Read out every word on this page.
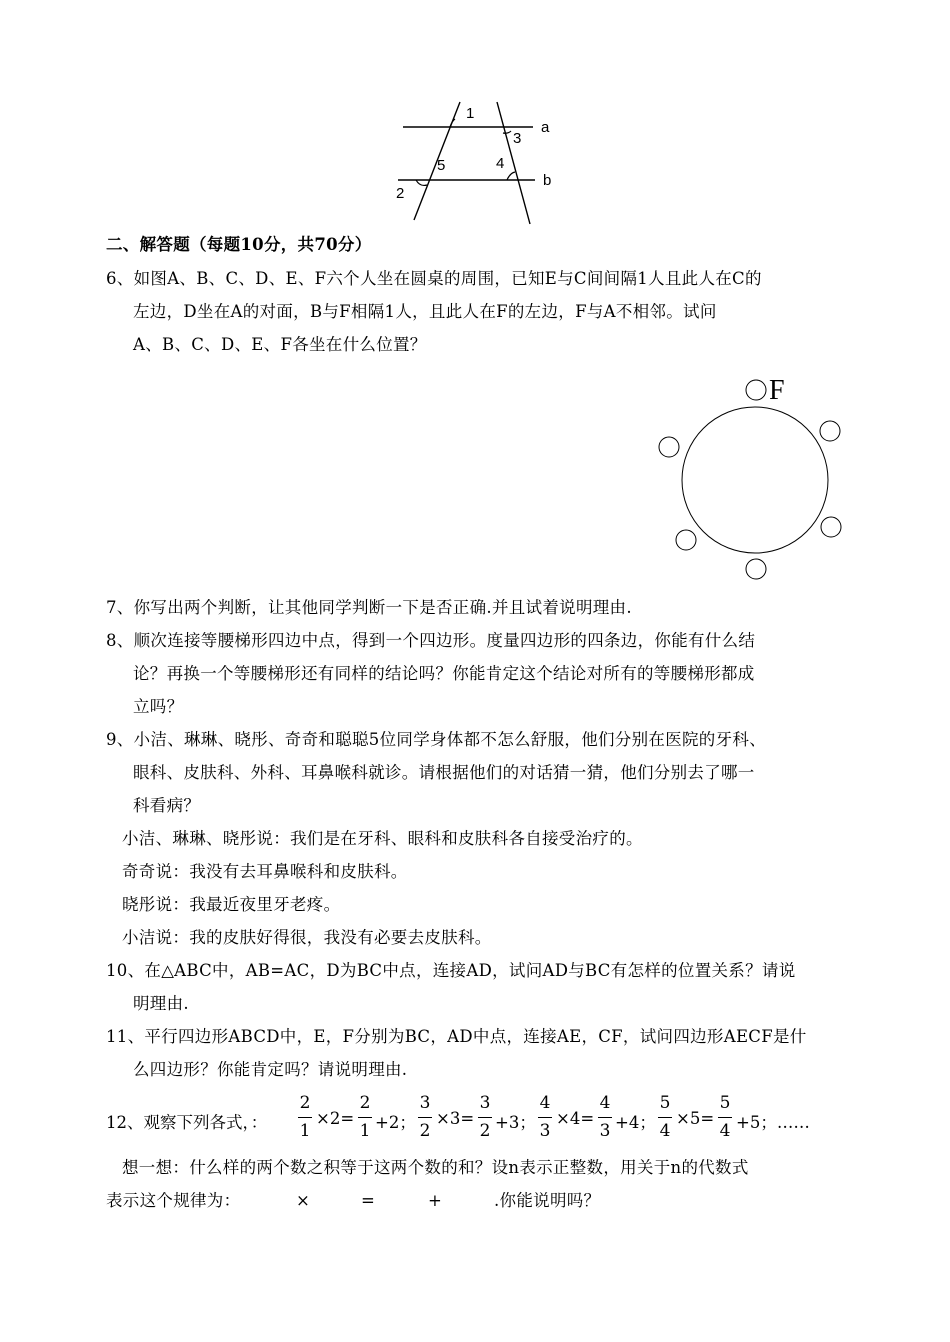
1
3
a
5	4
b
2
二、解答题（每题10分，共70分）
6、如图A、B、C、D、E、F六个人坐在圆桌的周围，已知E与C间间隔1人且此人在C的
左边，D坐在A的对面，B与F相隔1人，且此人在F的左边，F与A不相邻。试问
A、B、C、D、E、F各坐在什么位置？
F
7、你写出两个判断，让其他同学判断一下是否正确.并且试着说明理由.
8、顺次连接等腰梯形四边中点，得到一个四边形。度量四边形的四条边，你能有什么结
论？再换一个等腰梯形还有同样的结论吗？你能肯定这个结论对所有的等腰梯形都成
立吗？
9、小洁、琳琳、晓彤、奇奇和聪聪5位同学身体都不怎么舒服，他们分别在医院的牙科、
眼科、皮肤科、外科、耳鼻喉科就诊。请根据他们的对话猜一猜，他们分别去了哪一
科看病？
小洁、琳琳、晓彤说：我们是在牙科、眼科和皮肤科各自接受治疗的。
奇奇说：我没有去耳鼻喉科和皮肤科。
晓彤说：我最近夜里牙老疼。
小洁说：我的皮肤好得很，我没有必要去皮肤科。
10、在△ABC中，AB=AC，D为BC中点，连接AD，试问AD与BC有怎样的位置关系？请说
明理由.
11、平行四边形ABCD中，E，F分别为BC，AD中点，连接AE，CF，试问四边形AECF是什
么四边形？你能肯定吗？请说明理由.
12、观察下列各式，：
2
1
×2=
2
1 +2；
3
2
×3=
3
2 +3；
4
3
×4=
4
3 +4；
5
4
×5=
5
4 +5；……
想一想：什么样的两个数之积等于这两个数的和？设n表示正整数，用关于n的代数式
表示这个规律为：	×	=	+	.你能说明吗？
